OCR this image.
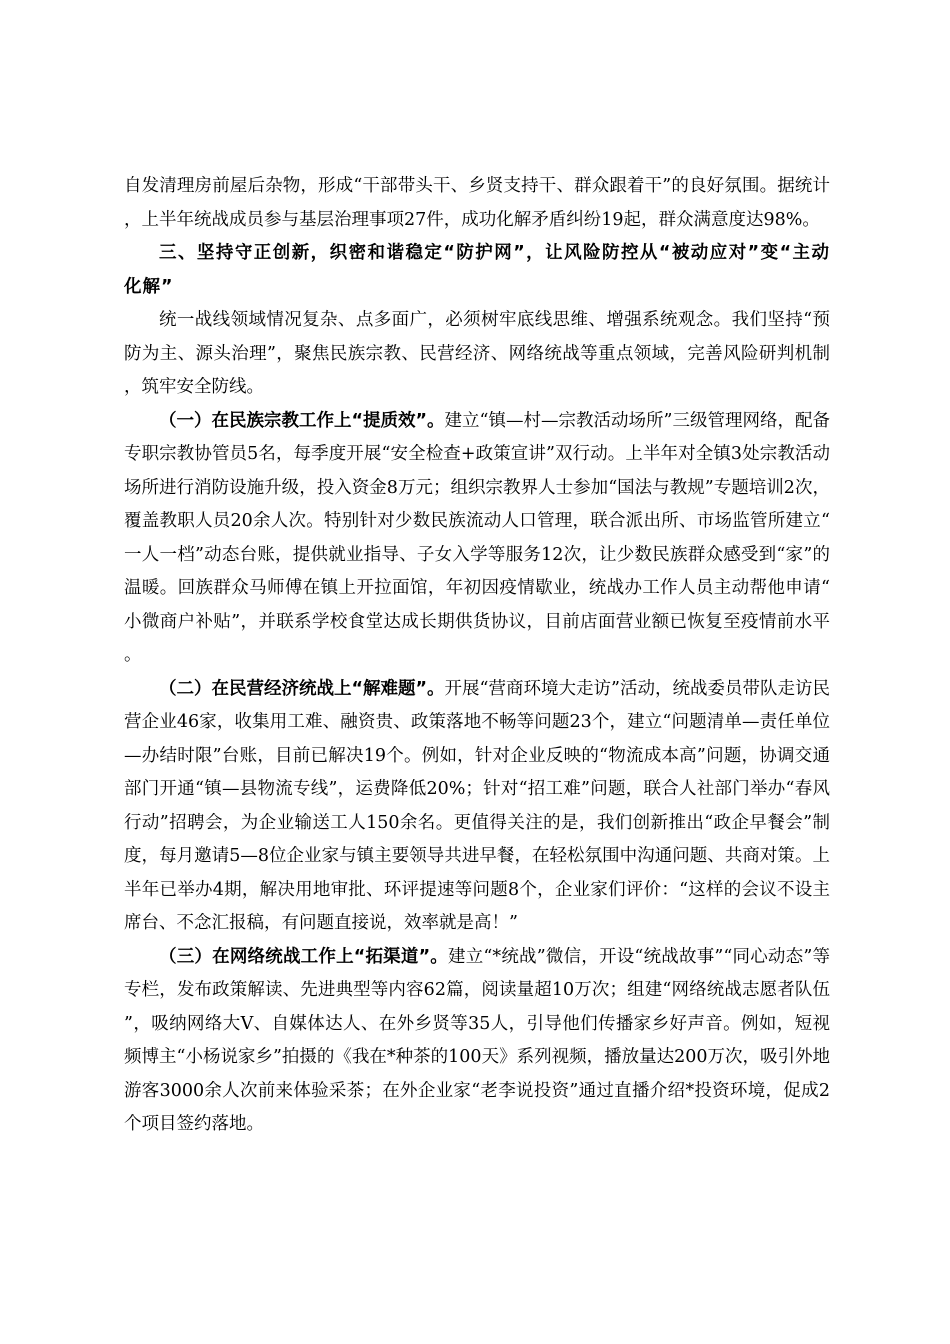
自发清理房前屋后杂物，形成“干部带头干、乡贤支持干、群众跟着干”的良好氛围。据统计，上半年统战成员参与基层治理事项27件，成功化解矛盾纠纷19起，群众满意度达98%。

三、坚持守正创新，织密和谐稳定“防护网”，让风险防控从“被动应对”变“主动化解”

统一战线领域情况复杂、点多面广，必须树牢底线思维、增强系统观念。我们坚持“预防为主、源头治理”，聚焦民族宗教、民营经济、网络统战等重点领域，完善风险研判机制，筑牢安全防线。

（一）在民族宗教工作上“提质效”。建立“镇—村—宗教活动场所”三级管理网络，配备专职宗教协管员5名，每季度开展“安全检查+政策宣讲”双行动。上半年对全镇3处宗教活动场所进行消防设施升级，投入资金8万元；组织宗教界人士参加“国法与教规”专题培训2次，覆盖教职人员20余人次。特别针对少数民族流动人口管理，联合派出所、市场监管所建立“一人一档”动态台账，提供就业指导、子女入学等服务12次，让少数民族群众感受到“家”的温暖。回族群众马师傅在镇上开拉面馆，年初因疫情歇业，统战办工作人员主动帮他申请“小微商户补贴”，并联系学校食堂达成长期供货协议，目前店面营业额已恢复至疫情前水平。

（二）在民营经济统战上“解难题”。开展“营商环境大走访”活动，统战委员带队走访民营企业46家，收集用工难、融资贵、政策落地不畅等问题23个，建立“问题清单—责任单位—办结时限”台账，目前已解决19个。例如，针对企业反映的“物流成本高”问题，协调交通部门开通“镇—县物流专线”，运费降低20%；针对“招工难”问题，联合人社部门举办“春风行动”招聘会，为企业输送工人150余名。更值得关注的是，我们创新推出“政企早餐会”制度，每月邀请5—8位企业家与镇主要领导共进早餐，在轻松氛围中沟通问题、共商对策。上半年已举办4期，解决用地审批、环评提速等问题8个，企业家们评价：“这样的会议不设主席台、不念汇报稿，有问题直接说，效率就是高！”

（三）在网络统战工作上“拓渠道”。建立“*统战”微信，开设“统战故事”“同心动态”等专栏，发布政策解读、先进典型等内容62篇，阅读量超10万次；组建“网络统战志愿者队伍”，吸纳网络大V、自媒体达人、在外乡贤等35人，引导他们传播家乡好声音。例如，短视频博主“小杨说家乡”拍摄的《我在*种茶的100天》系列视频，播放量达200万次，吸引外地游客3000余人次前来体验采茶；在外企业家“老李说投资”通过直播介绍*投资环境，促成2个项目签约落地。
